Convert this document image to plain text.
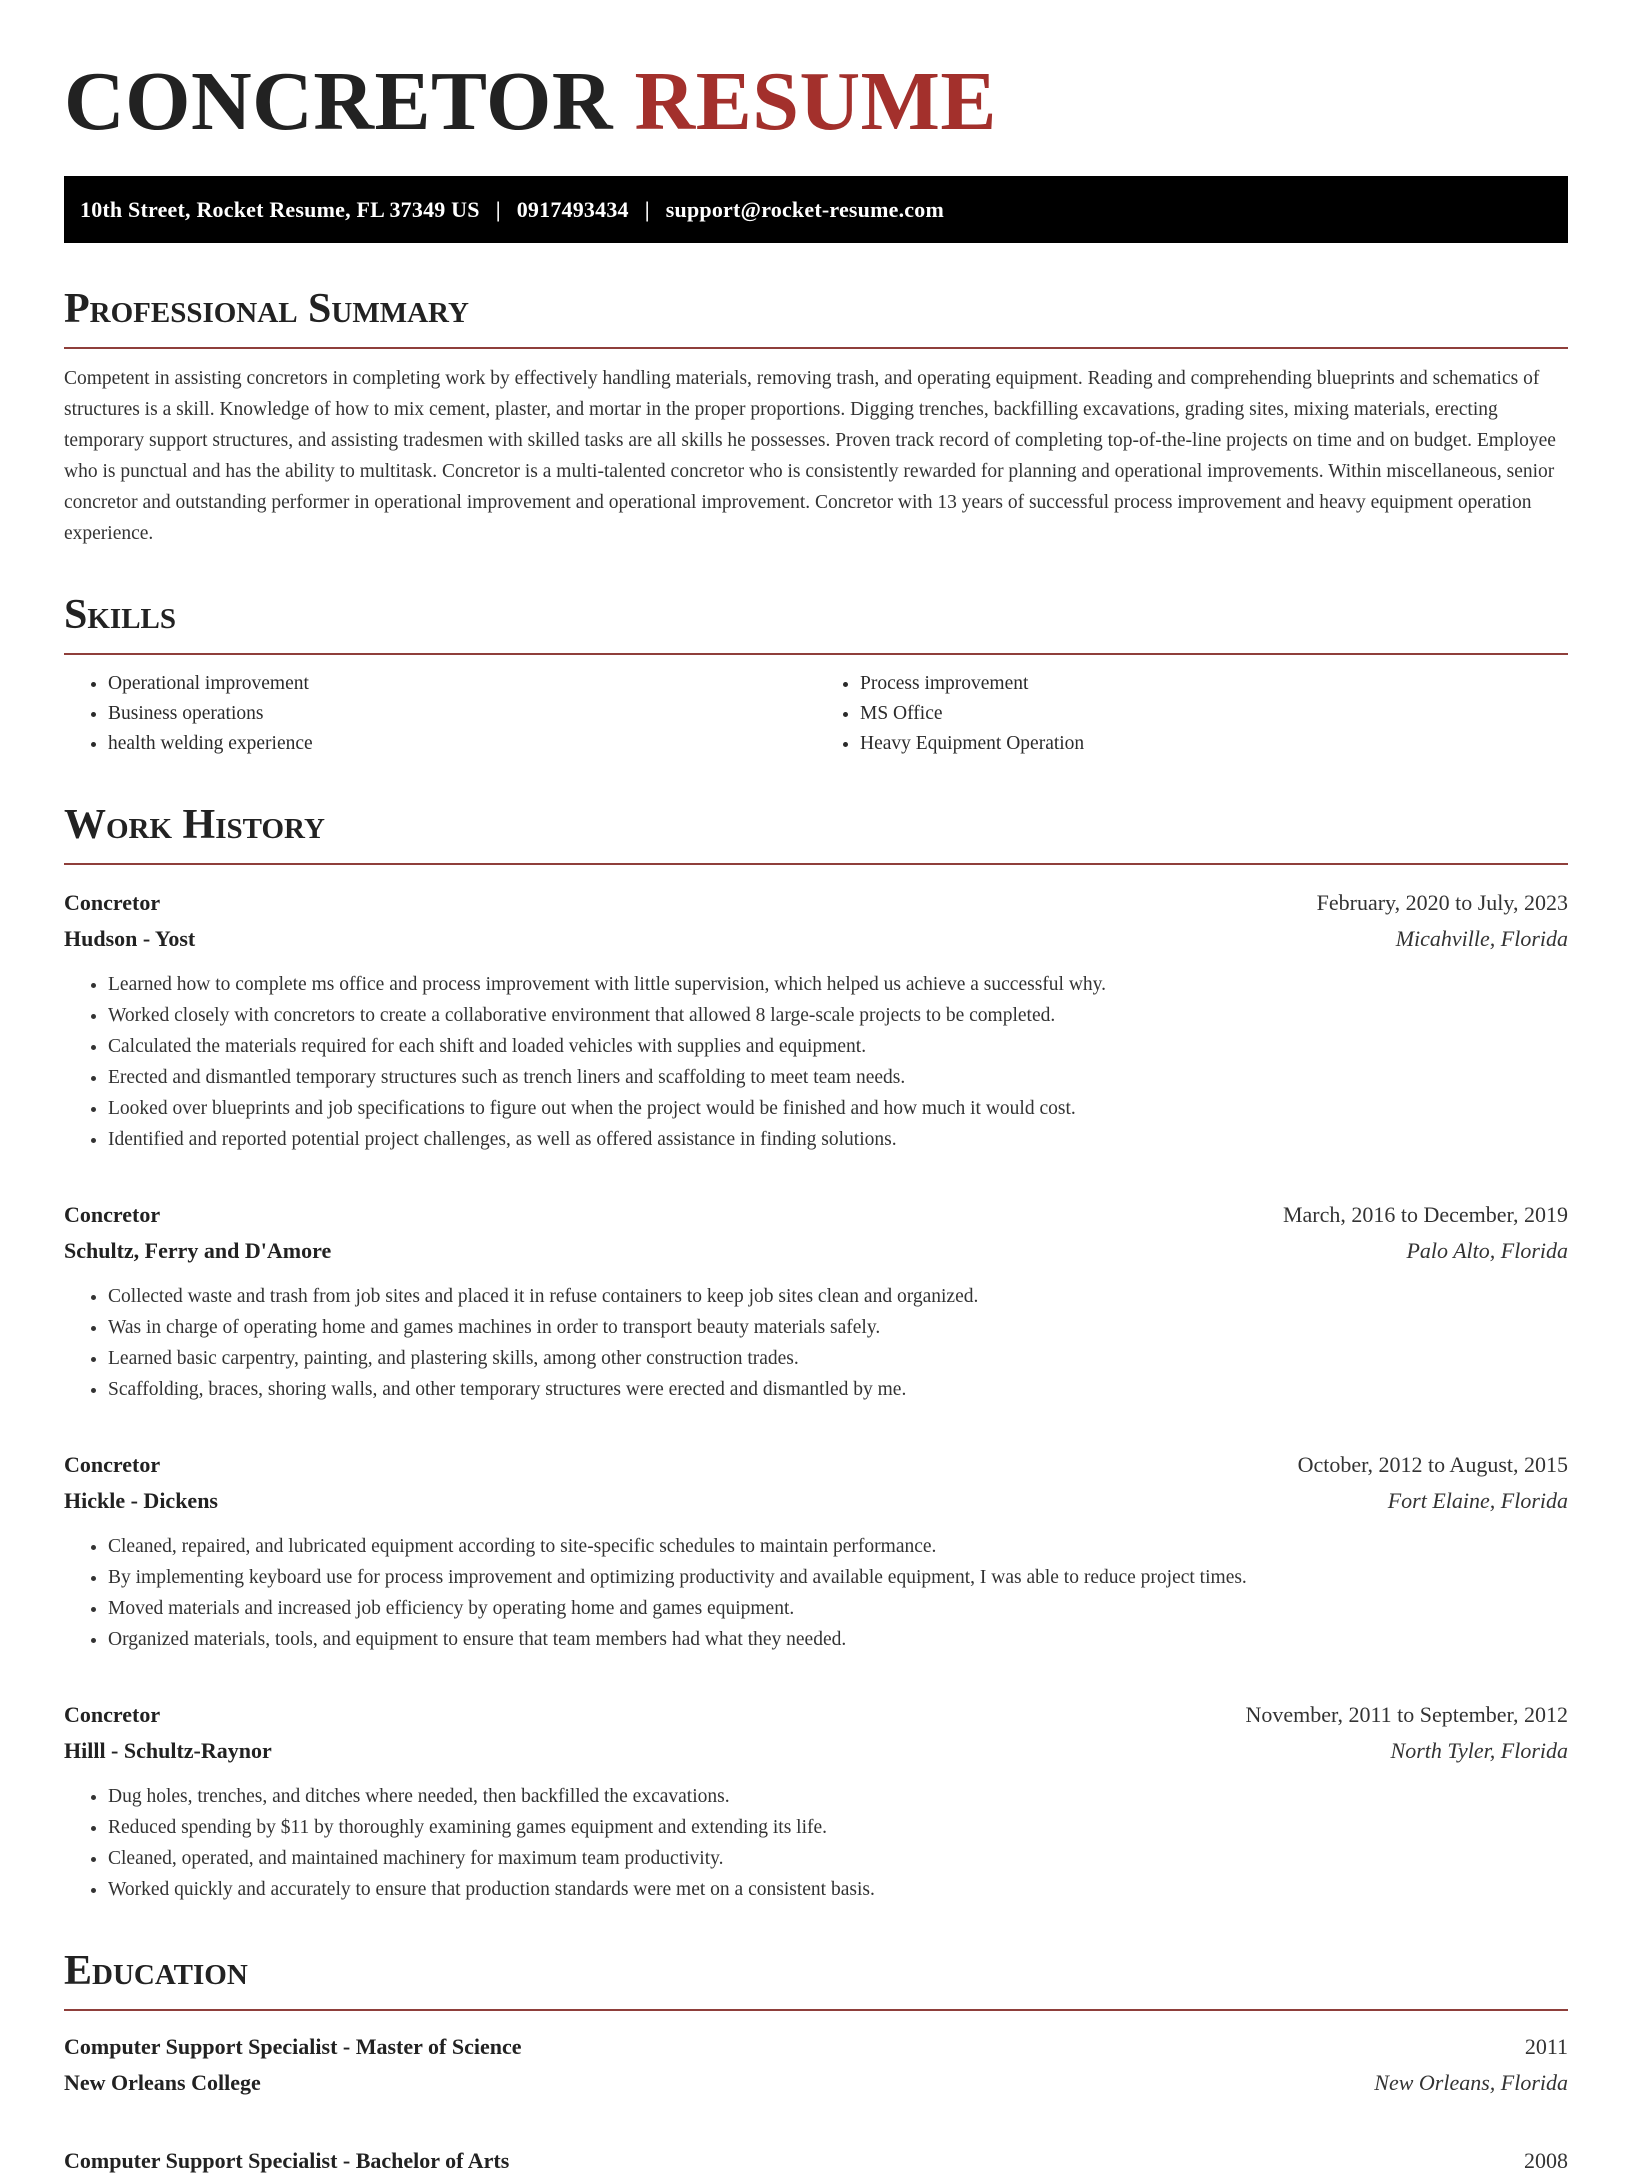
CONCRETOR RESUME
10th Street, Rocket Resume, FL 37349 US | 0917493434 | support@rocket-resume.com
Professional Summary

Competent in assisting concretors in completing work by effectively handling materials, removing trash, and operating equipment. Reading and comprehending blueprints and schematics of structures is a skill. Knowledge of how to mix cement, plaster, and mortar in the proper proportions. Digging trenches, backfilling excavations, grading sites, mixing materials, erecting temporary support structures, and assisting tradesmen with skilled tasks are all skills he possesses. Proven track record of completing top-of-the-line projects on time and on budget. Employee who is punctual and has the ability to multitask. Concretor is a multi-talented concretor who is consistently rewarded for planning and operational improvements. Within miscellaneous, senior concretor and outstanding performer in operational improvement and operational improvement. Concretor with 13 years of successful process improvement and heavy equipment operation experience.

Skills
• Operational improvement
• Business operations
• health welding experience
• Process improvement
• MS Office
• Heavy Equipment Operation
Work History
Concretor	February, 2020 to July, 2023
Hudson - Yost	Micahville, Florida
• Learned how to complete ms office and process improvement with little supervision, which helped us achieve a successful why.
• Worked closely with concretors to create a collaborative environment that allowed 8 large-scale projects to be completed.
• Calculated the materials required for each shift and loaded vehicles with supplies and equipment.
• Erected and dismantled temporary structures such as trench liners and scaffolding to meet team needs.
• Looked over blueprints and job specifications to figure out when the project would be finished and how much it would cost.
• Identified and reported potential project challenges, as well as offered assistance in finding solutions.
Concretor	March, 2016 to December, 2019
Schultz, Ferry and D'Amore	Palo Alto, Florida
• Collected waste and trash from job sites and placed it in refuse containers to keep job sites clean and organized.
• Was in charge of operating home and games machines in order to transport beauty materials safely.
• Learned basic carpentry, painting, and plastering skills, among other construction trades.
• Scaffolding, braces, shoring walls, and other temporary structures were erected and dismantled by me.
Concretor	October, 2012 to August, 2015
Hickle - Dickens	Fort Elaine, Florida
• Cleaned, repaired, and lubricated equipment according to site-specific schedules to maintain performance.
• By implementing keyboard use for process improvement and optimizing productivity and available equipment, I was able to reduce project times.
• Moved materials and increased job efficiency by operating home and games equipment.
• Organized materials, tools, and equipment to ensure that team members had what they needed.
Concretor	November, 2011 to September, 2012
Hilll - Schultz-Raynor	North Tyler, Florida
• Dug holes, trenches, and ditches where needed, then backfilled the excavations.
• Reduced spending by $11 by thoroughly examining games equipment and extending its life.
• Cleaned, operated, and maintained machinery for maximum team productivity.
• Worked quickly and accurately to ensure that production standards were met on a consistent basis.
Education
Computer Support Specialist - Master of Science	2011
New Orleans College	New Orleans, Florida
Computer Support Specialist - Bachelor of Arts	2008
